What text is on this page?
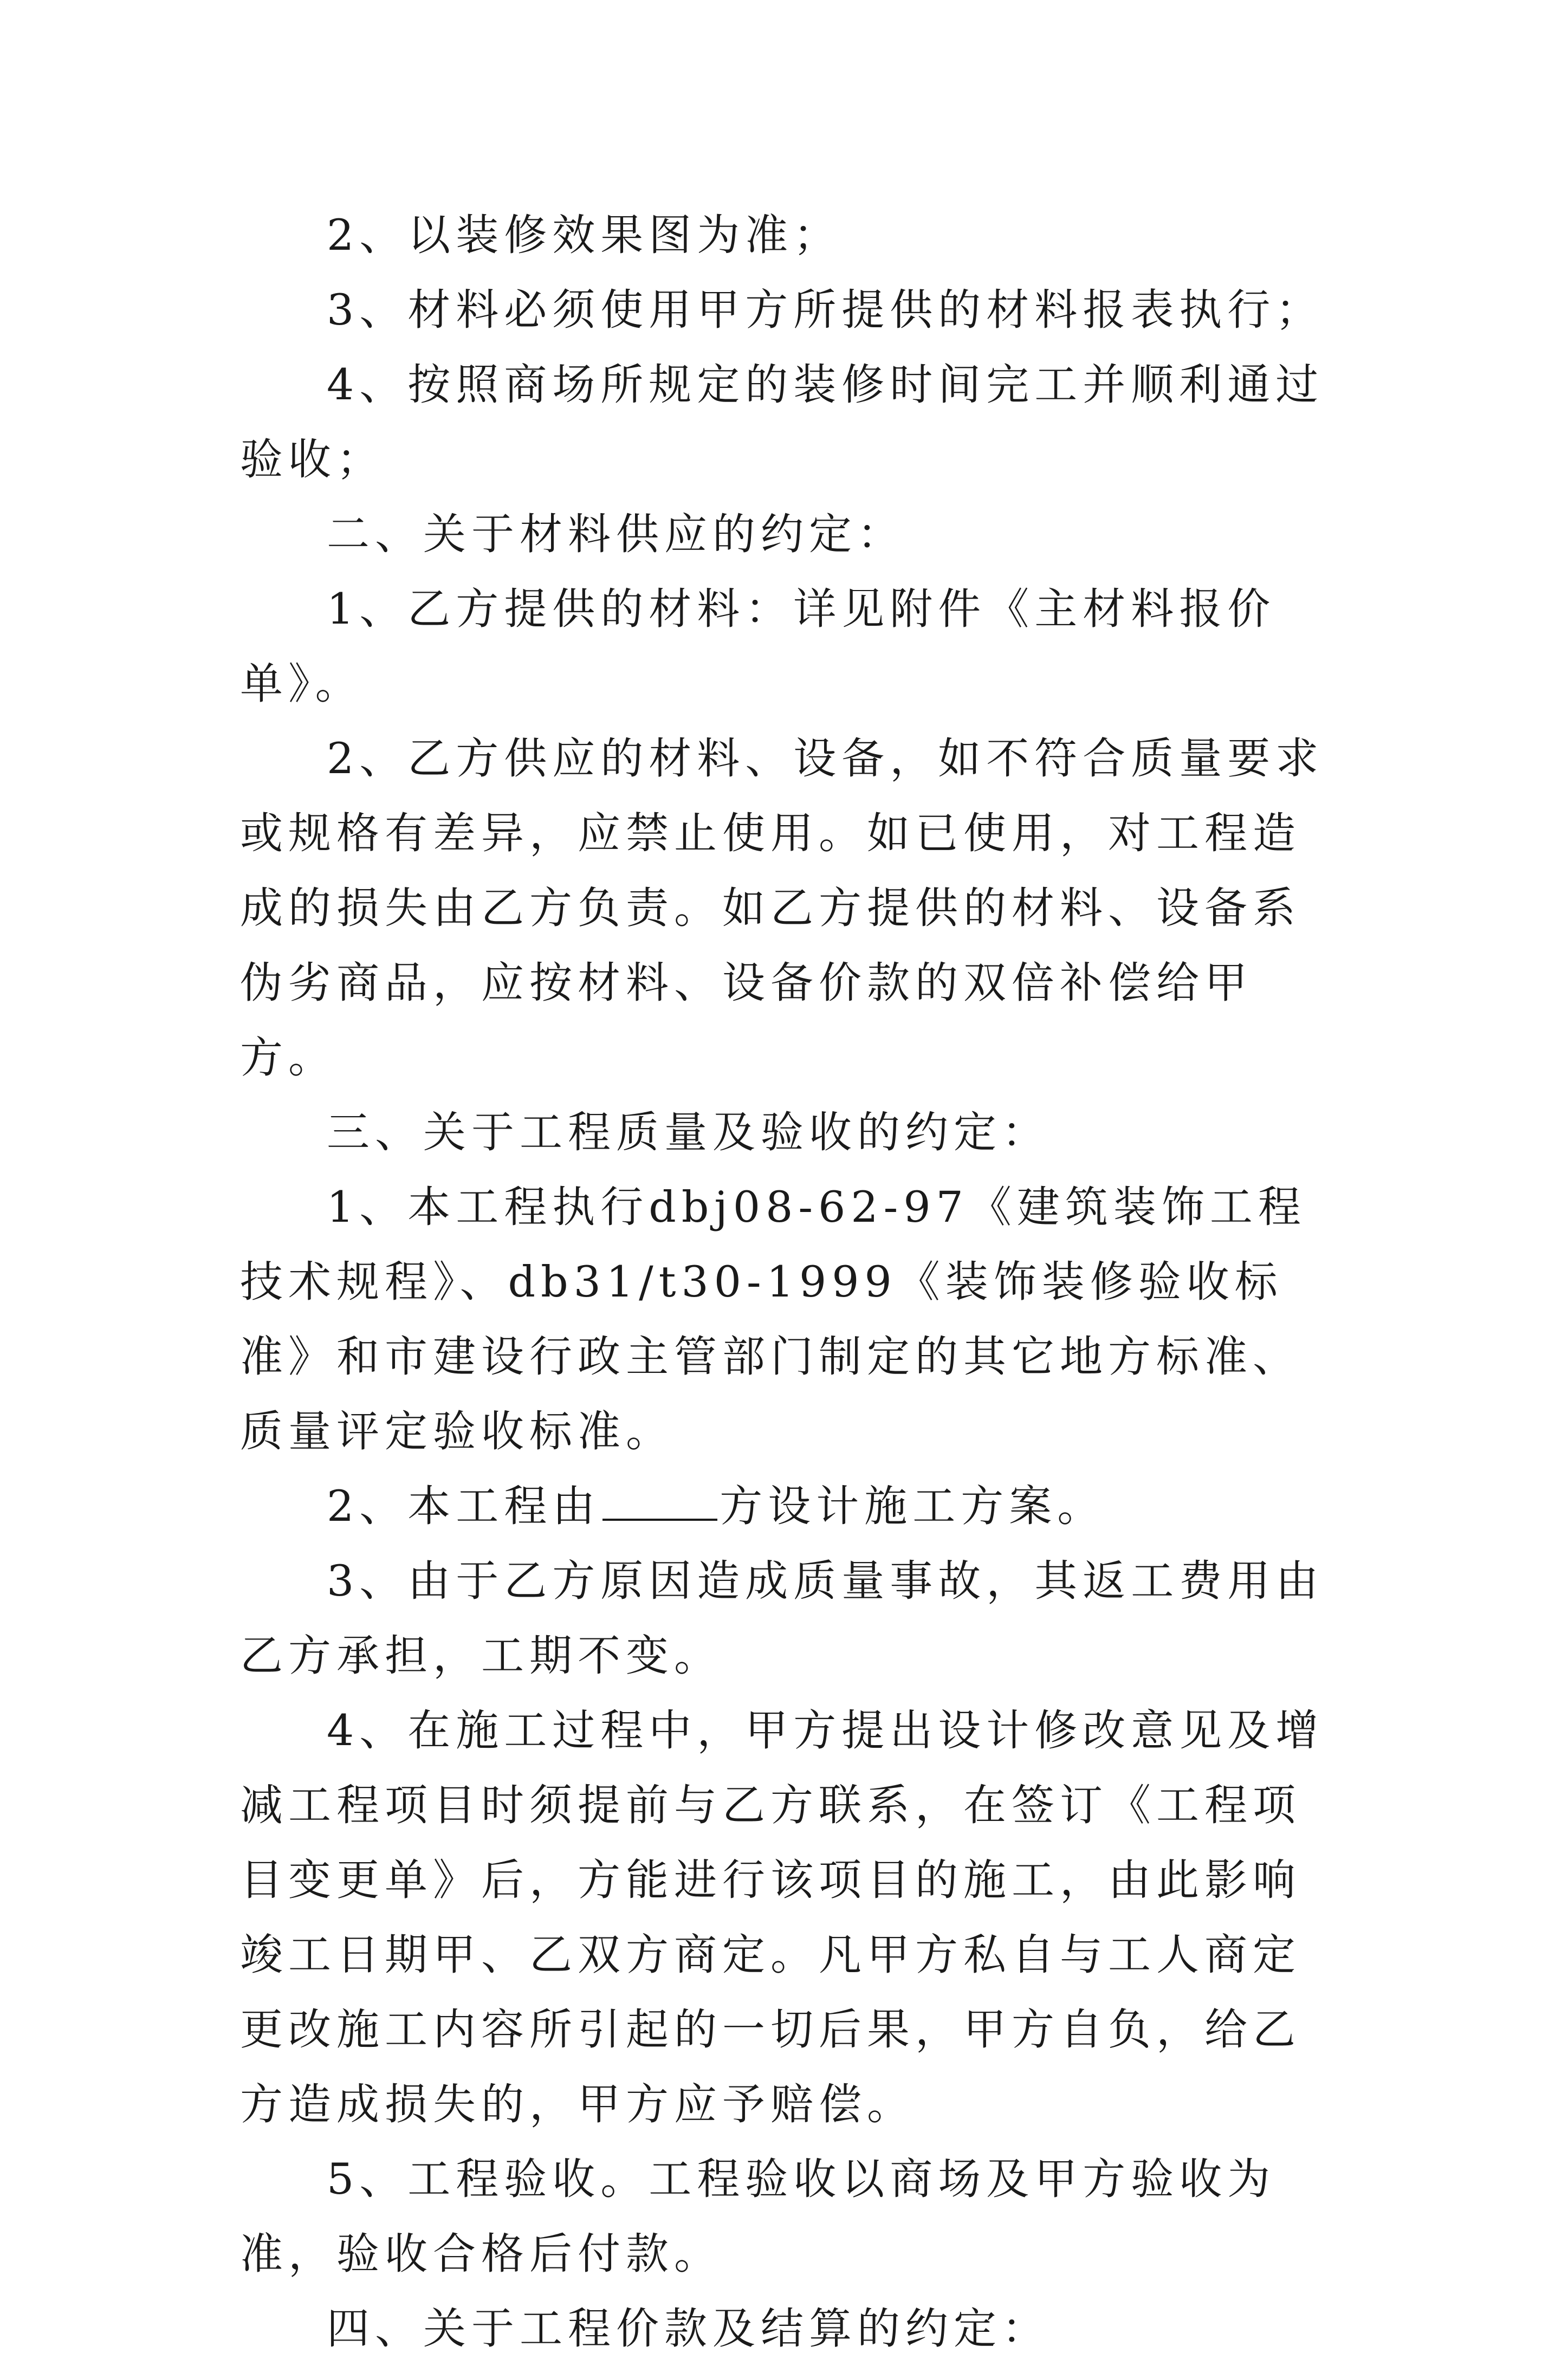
2、以装修效果图为准；

3、材料必须使用甲方所提供的材料报表执行；

4、按照商场所规定的装修时间完工并顺利通过验收；

二、关于材料供应的约定：

1、乙方提供的材料：详见附件《主材料报价单》。

2、乙方供应的材料、设备，如不符合质量要求或规格有差异，应禁止使用。如已使用，对工程造成的损失由乙方负责。如乙方提供的材料、设备系伪劣商品，应按材料、设备价款的双倍补偿给甲方。

三、关于工程质量及验收的约定：

1、本工程执行dbj08-62-97《建筑装饰工程技术规程》、db31/t30-1999《装饰装修验收标准》和市建设行政主管部门制定的其它地方标准、质量评定验收标准。

2、本工程由	方设计施工方案。

3、由于乙方原因造成质量事故，其返工费用由乙方承担，工期不变。

4、在施工过程中，甲方提出设计修改意见及增减工程项目时须提前与乙方联系，在签订《工程项目变更单》后，方能进行该项目的施工，由此影响竣工日期甲、乙双方商定。凡甲方私自与工人商定更改施工内容所引起的一切后果，甲方自负，给乙方造成损失的，甲方应予赔偿。

5、工程验收。工程验收以商场及甲方验收为准，验收合格后付款。

四、关于工程价款及结算的约定：
